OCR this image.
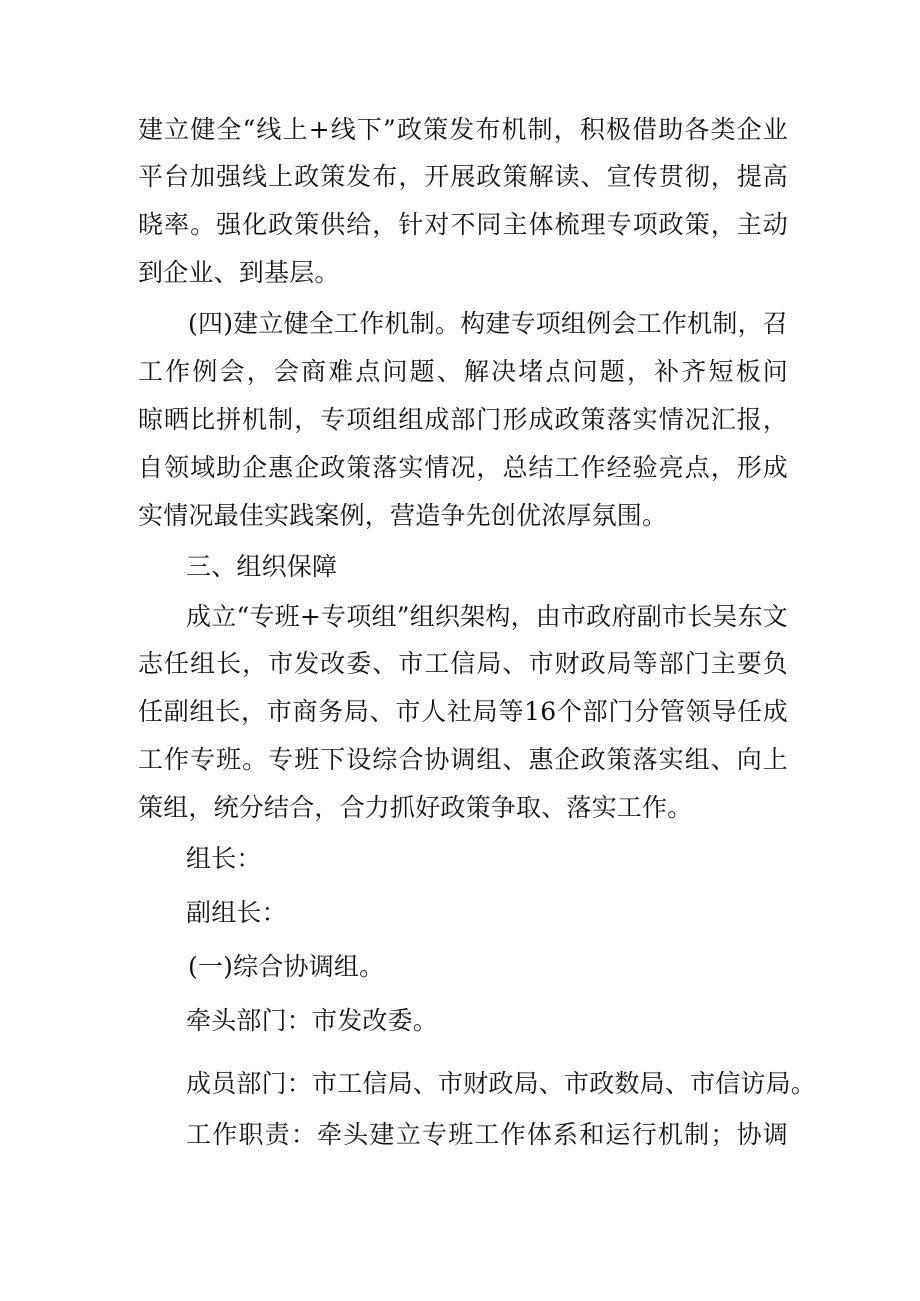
建立健全“线上+线下”政策发布机制，积极借助各类企业
平台加强线上政策发布，开展政策解读、宣传贯彻，提高
晓率。强化政策供给，针对不同主体梳理专项政策，主动
到企业、到基层。
(四)建立健全工作机制。构建专项组例会工作机制，召
工作例会，会商难点问题、解决堵点问题，补齐短板问
晾晒比拼机制，专项组组成部门形成政策落实情况汇报，
自领域助企惠企政策落实情况，总结工作经验亮点，形成
实情况最佳实践案例，营造争先创优浓厚氛围。
三、组织保障
成立“专班+专项组”组织架构，由市政府副市长吴东文
志任组长，市发改委、市工信局、市财政局等部门主要负
任副组长，市商务局、市人社局等16个部门分管领导任成
工作专班。专班下设综合协调组、惠企政策落实组、向上
策组，统分结合，合力抓好政策争取、落实工作。
组长：
副组长：
(一)综合协调组。
牵头部门：市发改委。
成员部门：市工信局、市财政局、市政数局、市信访局。
工作职责：牵头建立专班工作体系和运行机制；协调
